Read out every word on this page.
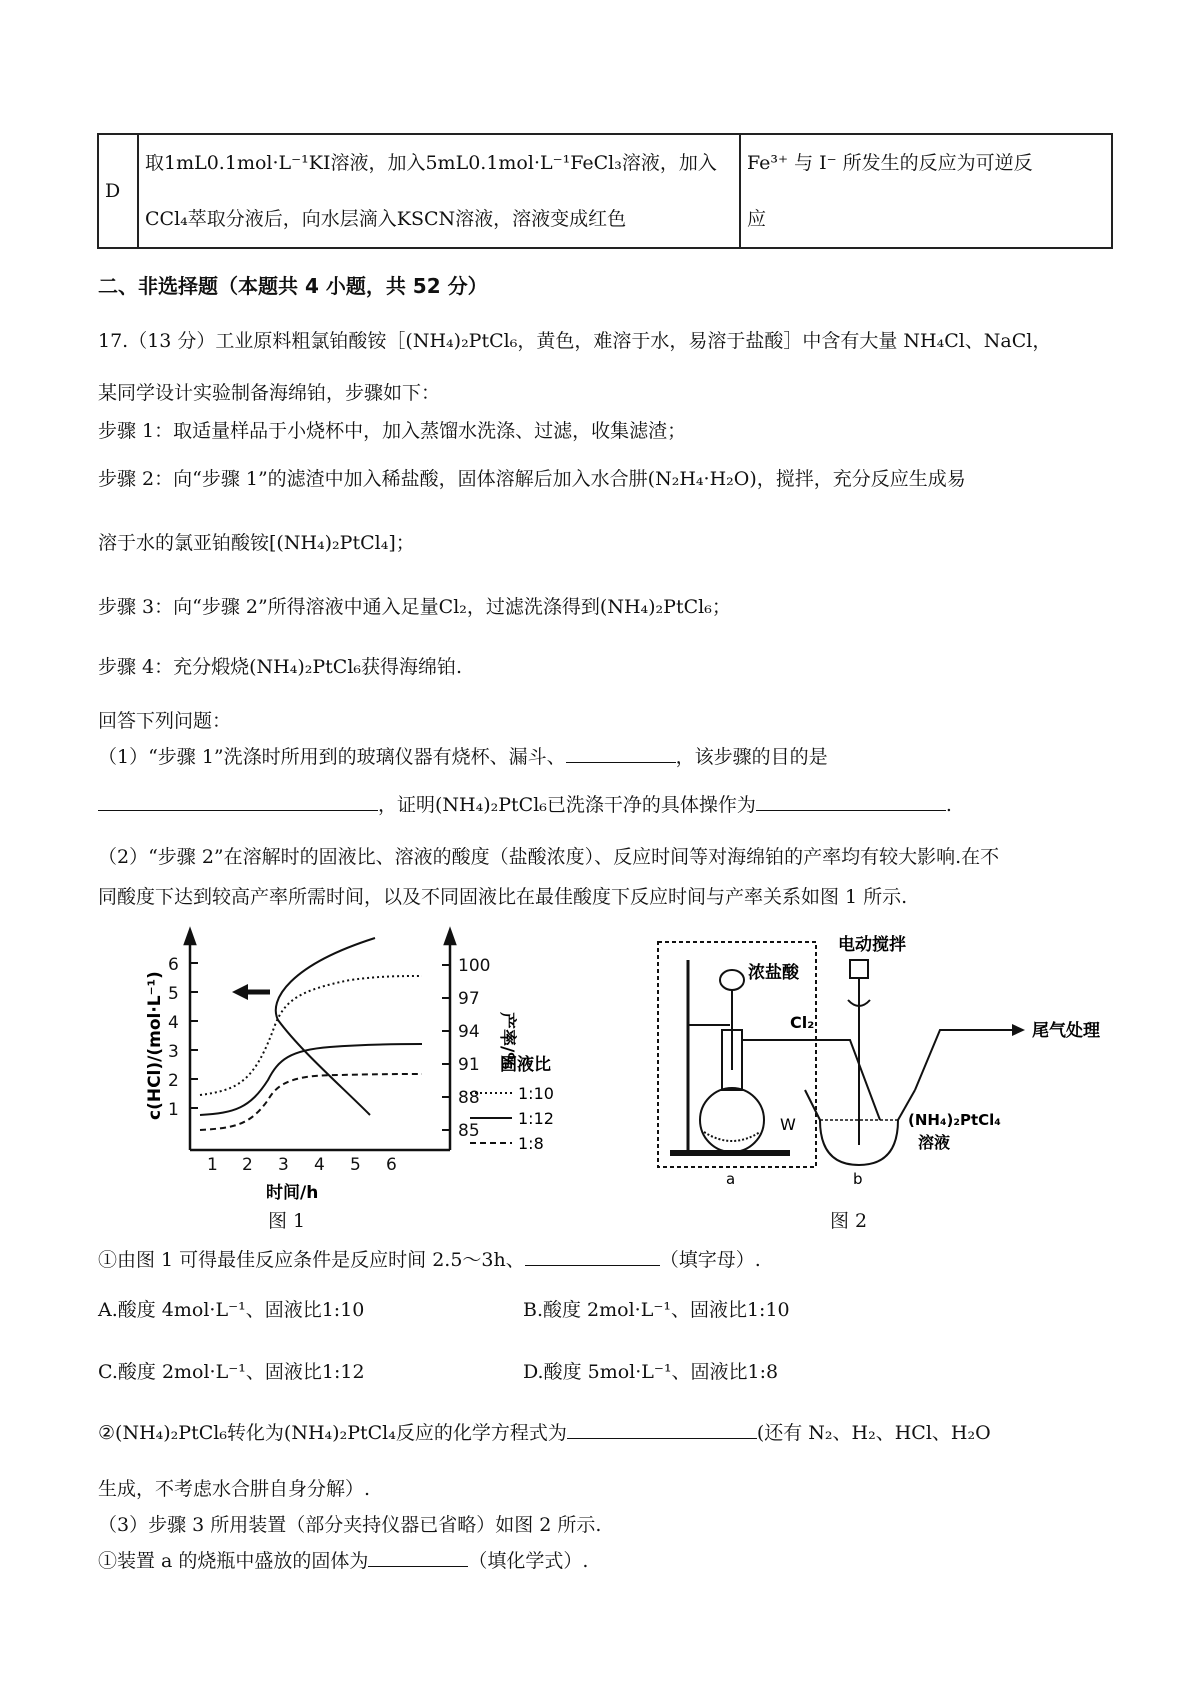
D	
取1mL0.1mol·L⁻¹KI溶液，加入5mL0.1mol·L⁻¹FeCl₃溶液，加入
CCl₄萃取分液后，向水层滴入KSCN溶液，溶液变成红色

Fe³⁺ 与 I⁻ 所发生的反应为可逆反
应
二、非选择题（本题共 4 小题，共 52 分）
17.（13 分）工业原料粗氯铂酸铵［(NH₄)₂PtCl₆，黄色，难溶于水，易溶于盐酸］中含有大量 NH₄Cl、NaCl，
某同学设计实验制备海绵铂，步骤如下：
步骤 1：取适量样品于小烧杯中，加入蒸馏水洗涤、过滤，收集滤渣；
步骤 2：向“步骤 1”的滤渣中加入稀盐酸，固体溶解后加入水合肼(N₂H₄·H₂O)，搅拌，充分反应生成易
溶于水的氯亚铂酸铵[(NH₄)₂PtCl₄]；
步骤 3：向“步骤 2”所得溶液中通入足量Cl₂，过滤洗涤得到(NH₄)₂PtCl₆；
步骤 4：充分煅烧(NH₄)₂PtCl₆获得海绵铂.
回答下列问题：
（1）“步骤 1”洗涤时所用到的玻璃仪器有烧杯、漏斗、	，该步骤的目的是
，证明(NH₄)₂PtCl₆已洗涤干净的具体操作为	.
（2）“步骤 2”在溶解时的固液比、溶液的酸度（盐酸浓度）、反应时间等对海绵铂的产率均有较大影响.在不
同酸度下达到较高产率所需时间，以及不同固液比在最佳酸度下反应时间与产率关系如图 1 所示.
1
2
3
4
5
6
85
88
91
94
97
100
1 2 3 4 5 6
时间/h
c(HCl)/(mol·L⁻¹)	产率/%
固液比
1:10
1:12
1:8
浓盐酸
a
Cl₂
电动搅拌
尾气处理
W	(NH₄)₂PtCl₄
溶液
b
图 1	图 2
①由图 1 可得最佳反应条件是反应时间 2.5～3h、	（填字母）.
A.酸度 4mol·L⁻¹、固液比1:10	B.酸度 2mol·L⁻¹、固液比1:10
C.酸度 2mol·L⁻¹、固液比1:12	D.酸度 5mol·L⁻¹、固液比1:8
②(NH₄)₂PtCl₆转化为(NH₄)₂PtCl₄反应的化学方程式为	(还有 N₂、H₂、HCl、H₂O
生成，不考虑水合肼自身分解）.
（3）步骤 3 所用装置（部分夹持仪器已省略）如图 2 所示.
①装置 a 的烧瓶中盛放的固体为	（填化学式）.
